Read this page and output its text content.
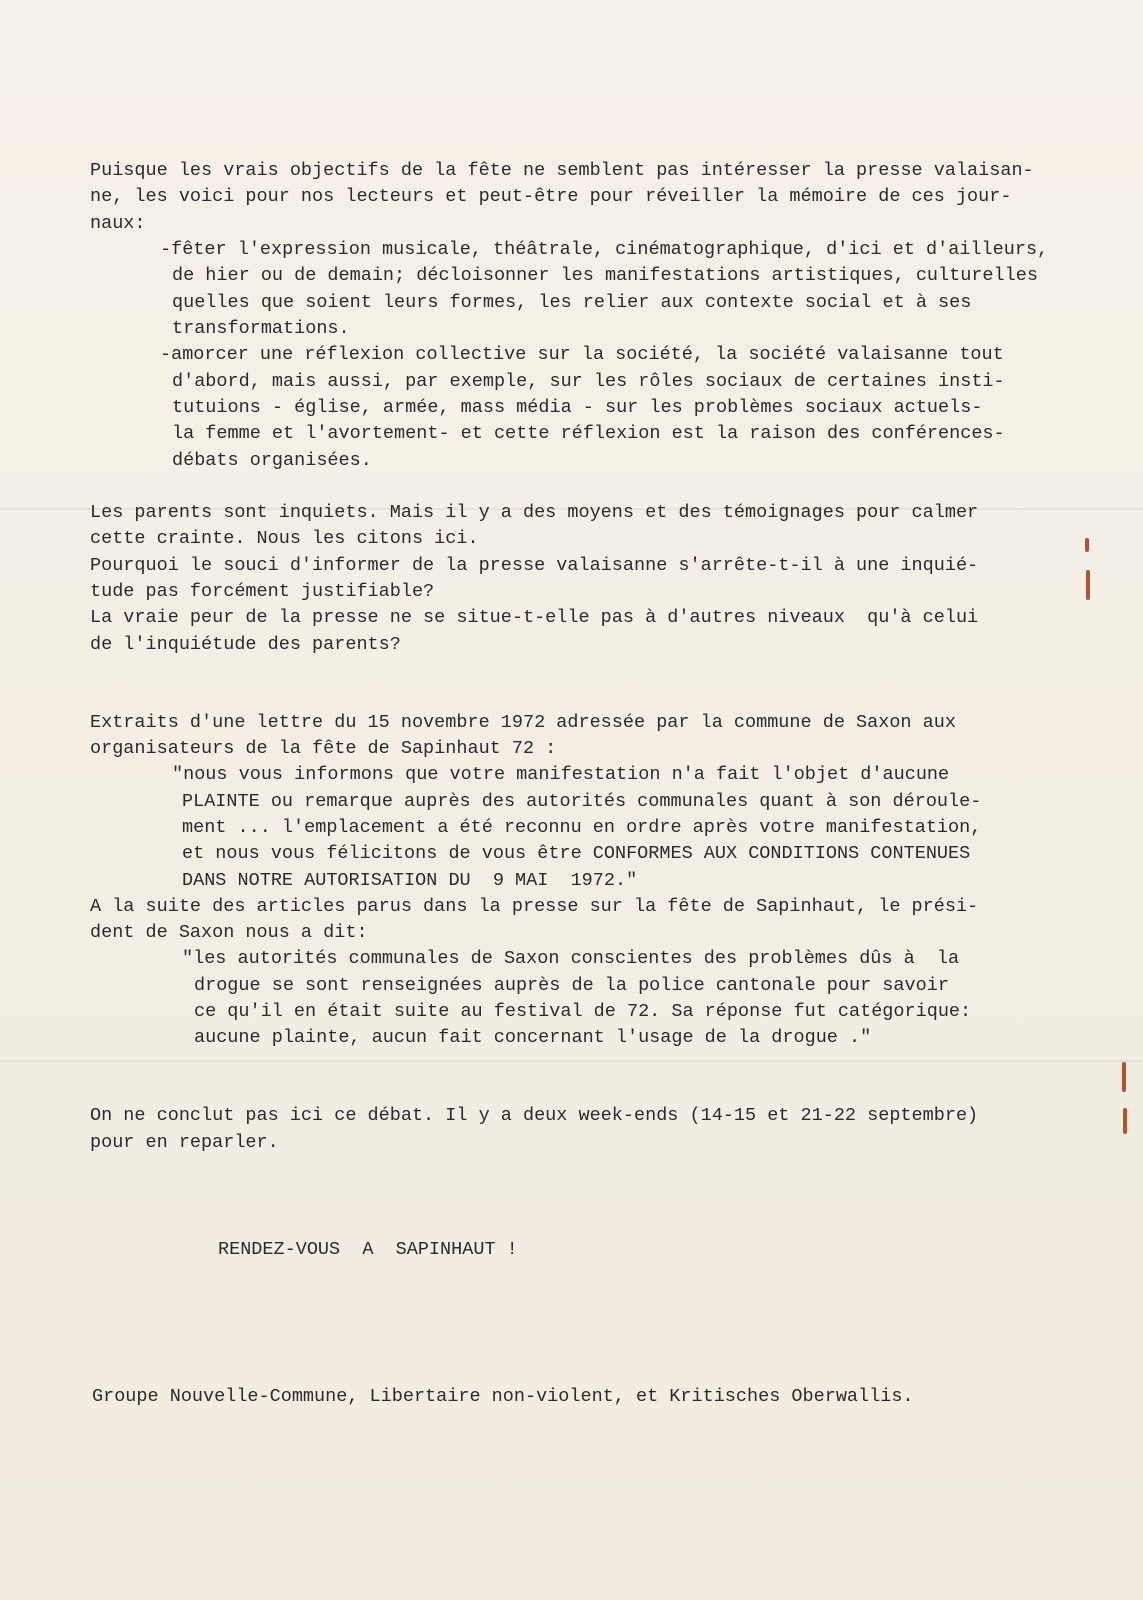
Puisque les vrais objectifs de la fête ne semblent pas intéresser la presse valaisan-

ne, les voici pour nos lecteurs et peut-être pour réveiller la mémoire de ces jour-

naux:

-fêter l'expression musicale, théâtrale, cinématographique, d'ici et d'ailleurs,

de hier ou de demain; décloisonner les manifestations artistiques, culturelles

quelles que soient leurs formes, les relier aux contexte social et à ses

transformations.

-amorcer une réflexion collective sur la société, la société valaisanne tout

d'abord, mais aussi, par exemple, sur les rôles sociaux de certaines insti-

tutuions - église, armée, mass média - sur les problèmes sociaux actuels-

la femme et l'avortement- et cette réflexion est la raison des conférences-

débats organisées.

Les parents sont inquiets. Mais il y a des moyens et des témoignages pour calmer

cette crainte. Nous les citons ici.

Pourquoi le souci d'informer de la presse valaisanne s'arrête-t-il à une inquié-

tude pas forcément justifiable?

La vraie peur de la presse ne se situe-t-elle pas à d'autres niveaux  qu'à celui

de l'inquiétude des parents?

Extraits d'une lettre du 15 novembre 1972 adressée par la commune de Saxon aux

organisateurs de la fête de Sapinhaut 72 :

"nous vous informons que votre manifestation n'a fait l'objet d'aucune

PLAINTE ou remarque auprès des autorités communales quant à son déroule-

ment ... l'emplacement a été reconnu en ordre après votre manifestation,

et nous vous félicitons de vous être CONFORMES AUX CONDITIONS CONTENUES

DANS NOTRE AUTORISATION DU  9 MAI  1972."

A la suite des articles parus dans la presse sur la fête de Sapinhaut, le prési-

dent de Saxon nous a dit:

"les autorités communales de Saxon conscientes des problèmes dûs à  la

drogue se sont renseignées auprès de la police cantonale pour savoir

ce qu'il en était suite au festival de 72. Sa réponse fut catégorique:

aucune plainte, aucun fait concernant l'usage de la drogue ."

On ne conclut pas ici ce débat. Il y a deux week-ends (14-15 et 21-22 septembre)

pour en reparler.

RENDEZ-VOUS  A  SAPINHAUT !

Groupe Nouvelle-Commune, Libertaire non-violent, et Kritisches Oberwallis.
